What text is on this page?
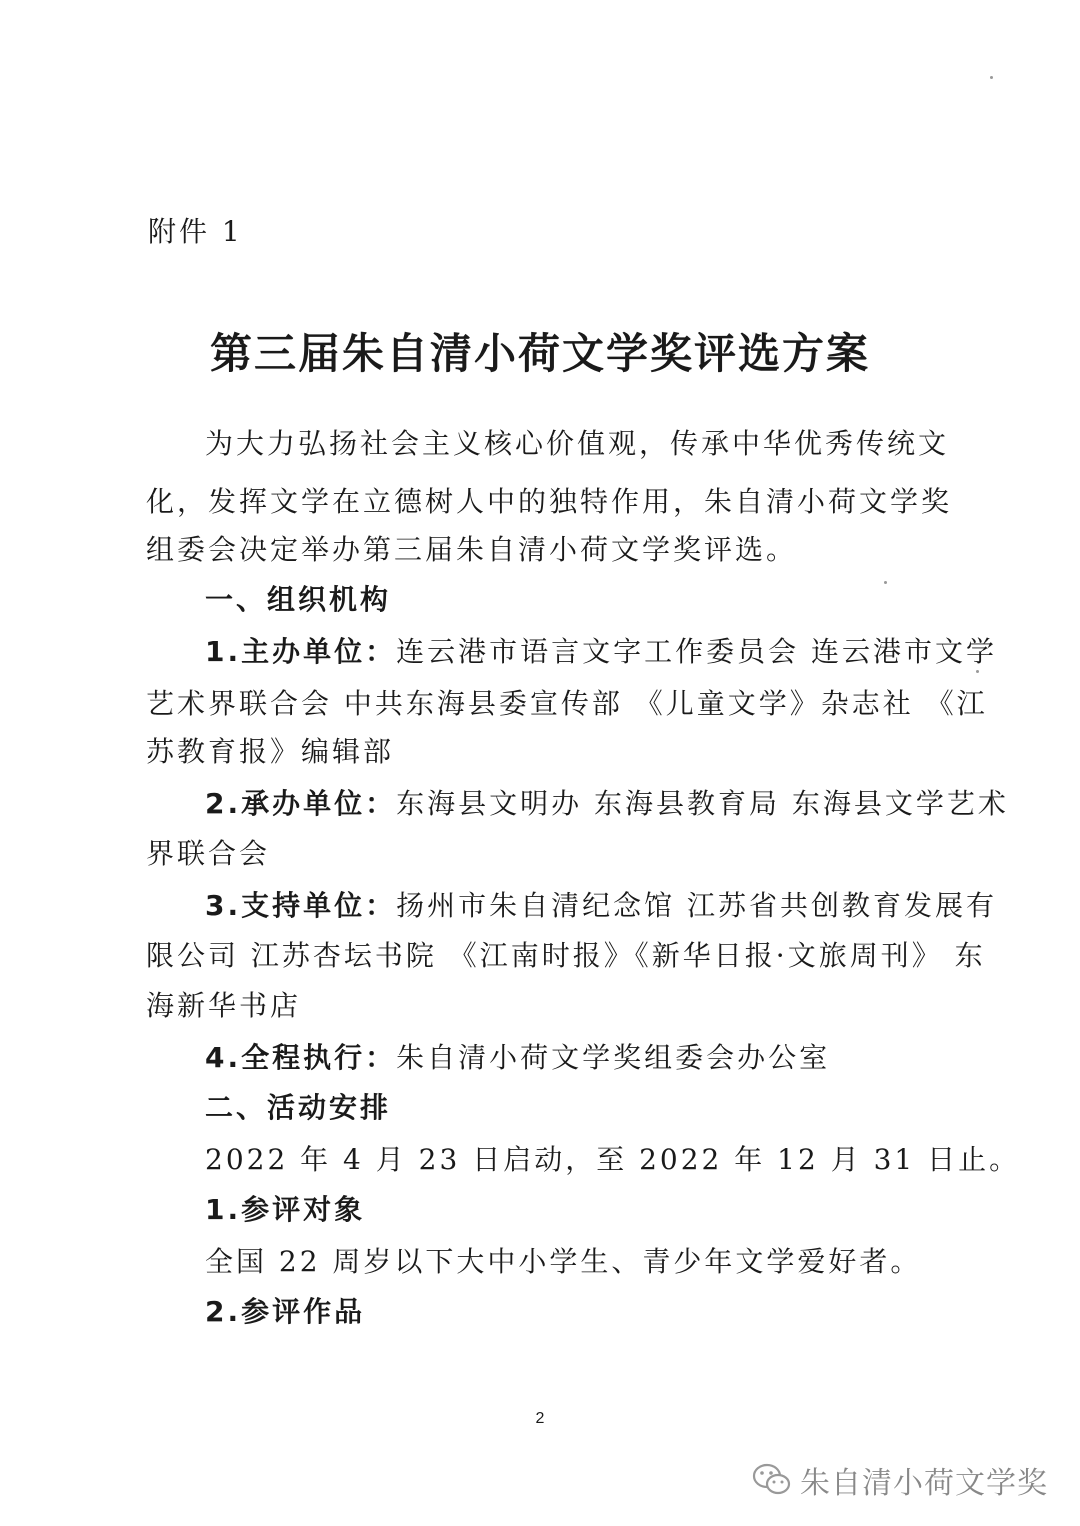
附件 1
第三届朱自清小荷文学奖评选方案
为大力弘扬社会主义核心价值观，传承中华优秀传统文
化，发挥文学在立德树人中的独特作用，朱自清小荷文学奖
组委会决定举办第三届朱自清小荷文学奖评选。
一、组织机构
1.主办单位：连云港市语言文字工作委员会 连云港市文学
艺术界联合会 中共东海县委宣传部 《儿童文学》杂志社 《江
苏教育报》编辑部
2.承办单位：东海县文明办 东海县教育局 东海县文学艺术
界联合会
3.支持单位：扬州市朱自清纪念馆 江苏省共创教育发展有
限公司 江苏杏坛书院 《江南时报》《新华日报·文旅周刊》 东
海新华书店
4.全程执行：朱自清小荷文学奖组委会办公室
二、活动安排
2022 年 4 月 23 日启动，至 2022 年 12 月 31 日止。
1.参评对象
全国 22 周岁以下大中小学生、青少年文学爱好者。
2.参评作品
2
朱自清小荷文学奖
